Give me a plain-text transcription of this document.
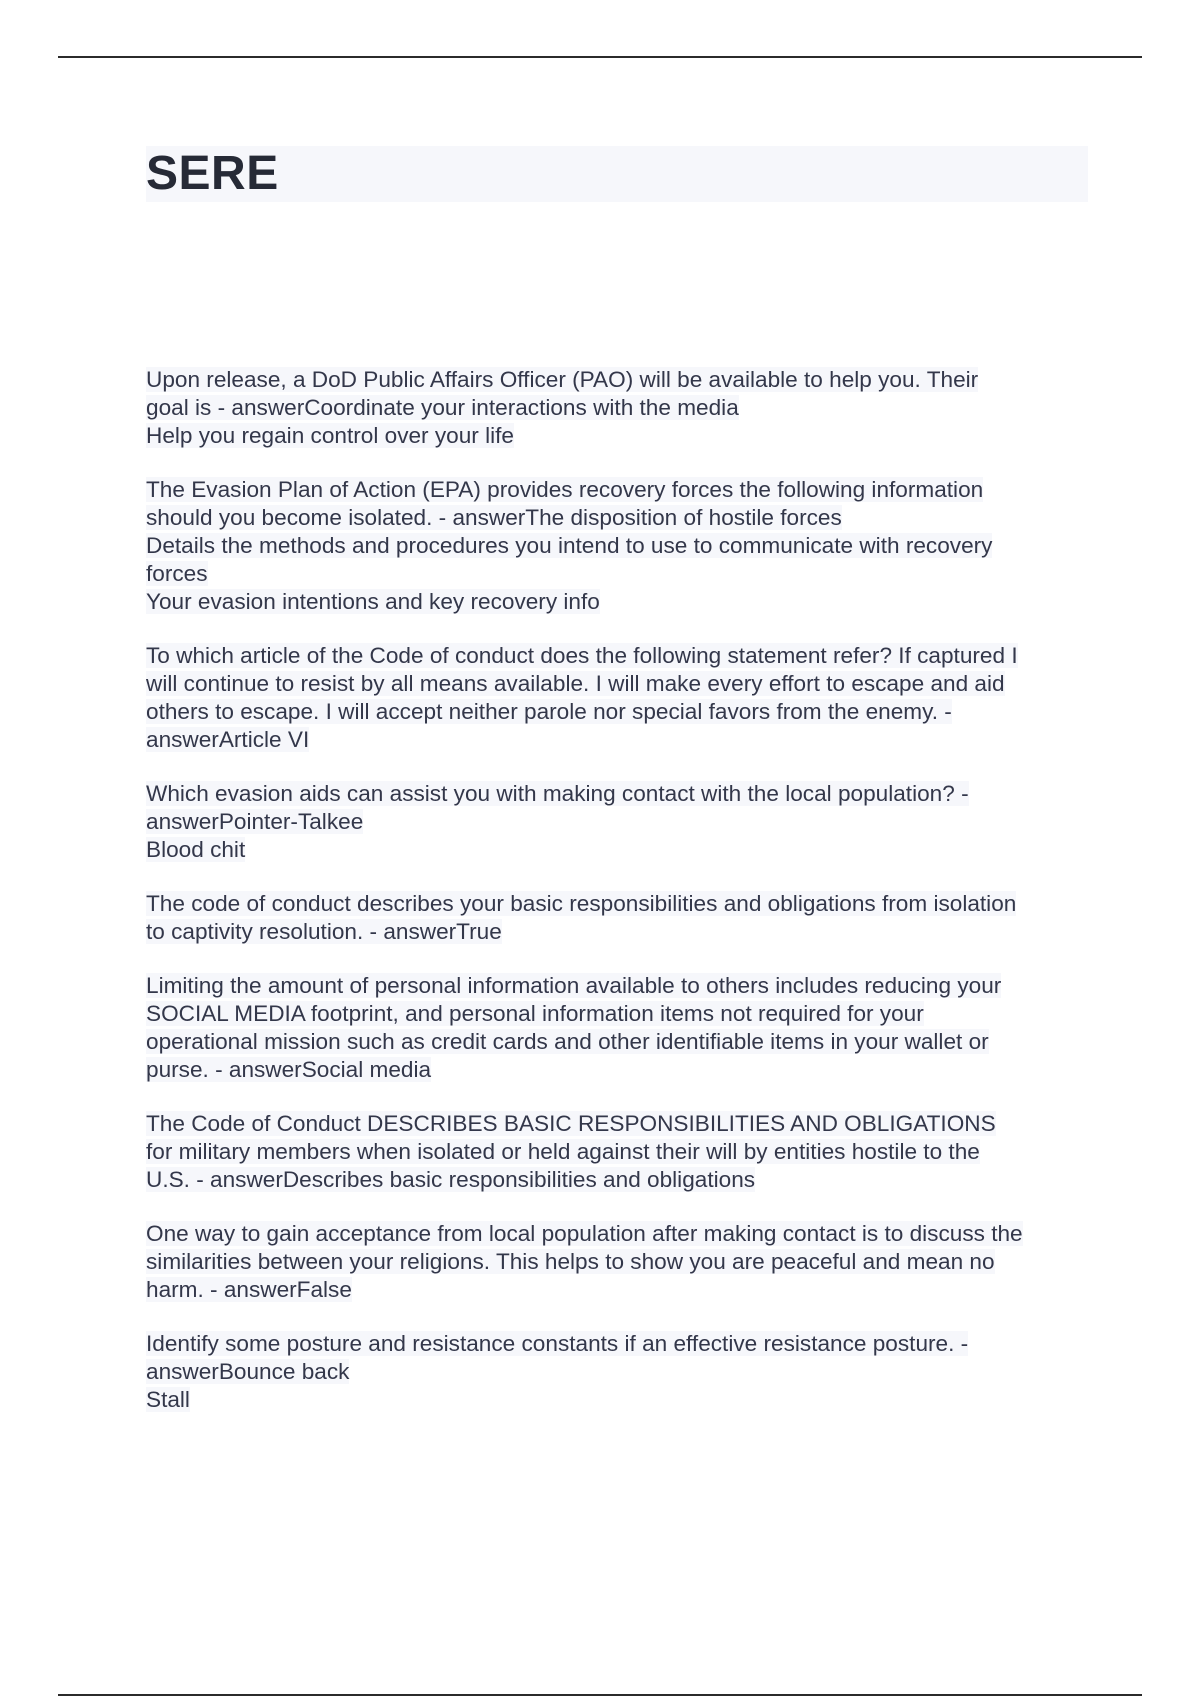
SERE
Upon release, a DoD Public Affairs Officer (PAO) will be available to help you. Their
goal is - answerCoordinate your interactions with the media
Help you regain control over your life
The Evasion Plan of Action (EPA) provides recovery forces the following information
should you become isolated. - answerThe disposition of hostile forces
Details the methods and procedures you intend to use to communicate with recovery
forces
Your evasion intentions and key recovery info
To which article of the Code of conduct does the following statement refer? If captured I
will continue to resist by all means available. I will make every effort to escape and aid
others to escape. I will accept neither parole nor special favors from the enemy. -
answerArticle VI
Which evasion aids can assist you with making contact with the local population? -
answerPointer-Talkee
Blood chit
The code of conduct describes your basic responsibilities and obligations from isolation
to captivity resolution. - answerTrue
Limiting the amount of personal information available to others includes reducing your
SOCIAL MEDIA footprint, and personal information items not required for your
operational mission such as credit cards and other identifiable items in your wallet or
purse. - answerSocial media
The Code of Conduct DESCRIBES BASIC RESPONSIBILITIES AND OBLIGATIONS
for military members when isolated or held against their will by entities hostile to the
U.S. - answerDescribes basic responsibilities and obligations
One way to gain acceptance from local population after making contact is to discuss the
similarities between your religions. This helps to show you are peaceful and mean no
harm. - answerFalse
Identify some posture and resistance constants if an effective resistance posture. -
answerBounce back
Stall
